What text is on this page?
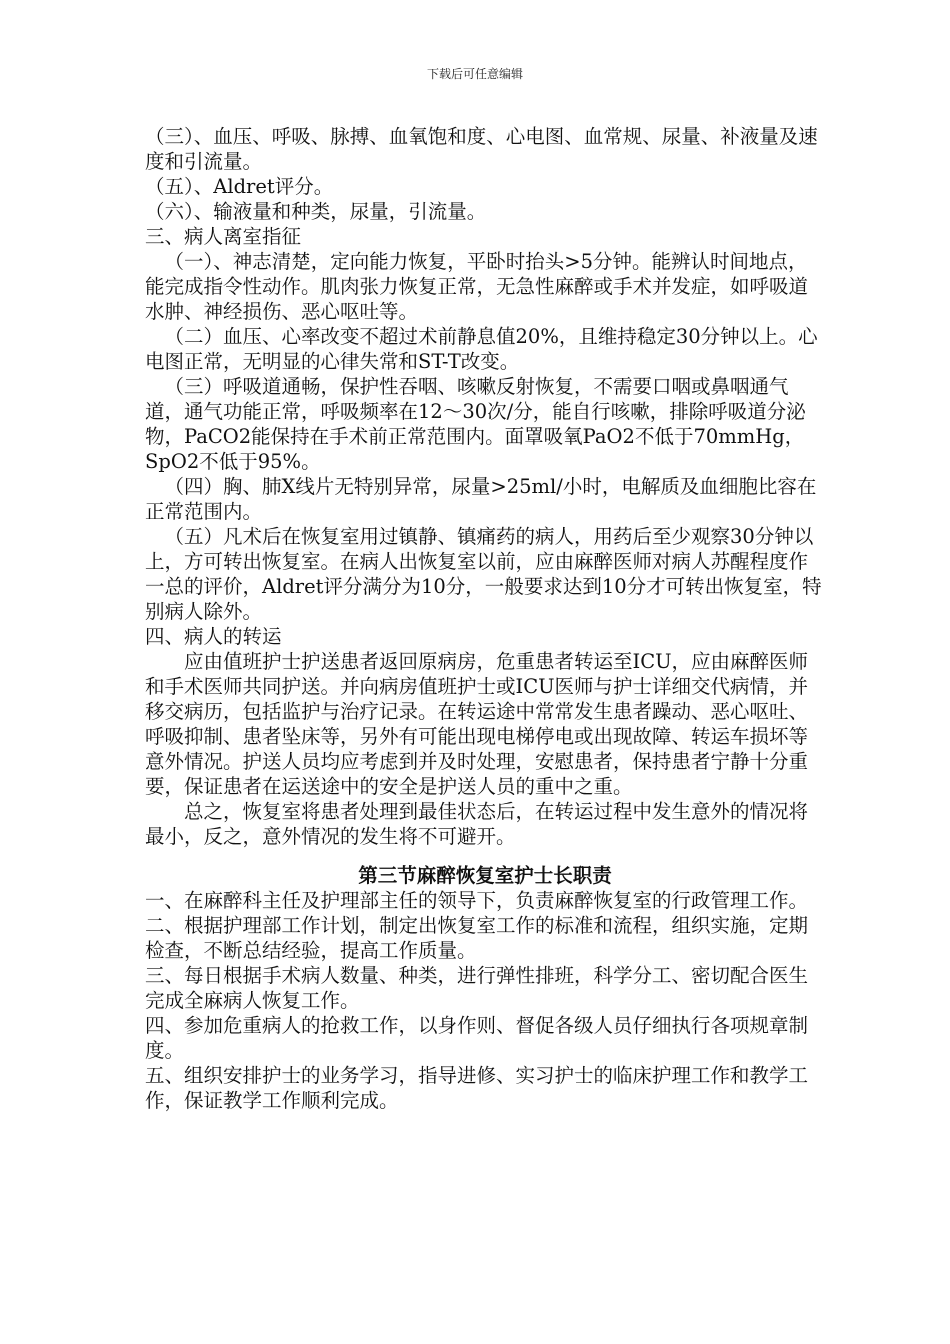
下载后可任意编辑

（三）、血压、呼吸、脉搏、血氧饱和度、心电图、血常规、尿量、补液量及速度和引流量。

（五）、Aldret评分。

（六）、输液量和种类，尿量，引流量。

三、病人离室指征

（一）、神志清楚，定向能力恢复，平卧时抬头>5分钟。能辨认时间地点，能完成指令性动作。肌肉张力恢复正常，无急性麻醉或手术并发症，如呼吸道水肿、神经损伤、恶心呕吐等。

（二）血压、心率改变不超过术前静息值20%，且维持稳定30分钟以上。心电图正常，无明显的心律失常和ST-T改变。

（三）呼吸道通畅，保护性吞咽、咳嗽反射恢复，不需要口咽或鼻咽通气道，通气功能正常，呼吸频率在12～30次/分，能自行咳嗽，排除呼吸道分泌物，PaCO2能保持在手术前正常范围内。面罩吸氧PaO2不低于70mmHg，SpO2不低于95%。

（四）胸、肺X线片无特别异常，尿量>25ml/小时，电解质及血细胞比容在正常范围内。

（五）凡术后在恢复室用过镇静、镇痛药的病人，用药后至少观察30分钟以上，方可转出恢复室。在病人出恢复室以前，应由麻醉医师对病人苏醒程度作一总的评价，Aldret评分满分为10分，一般要求达到10分才可转出恢复室，特别病人除外。

四、病人的转运

应由值班护士护送患者返回原病房，危重患者转运至ICU，应由麻醉医师和手术医师共同护送。并向病房值班护士或ICU医师与护士详细交代病情，并移交病历，包括监护与治疗记录。在转运途中常常发生患者躁动、恶心呕吐、呼吸抑制、患者坠床等，另外有可能出现电梯停电或出现故障、转运车损坏等意外情况。护送人员均应考虑到并及时处理，安慰患者，保持患者宁静十分重要，保证患者在运送途中的安全是护送人员的重中之重。

总之，恢复室将患者处理到最佳状态后，在转运过程中发生意外的情况将最小，反之，意外情况的发生将不可避开。

第三节麻醉恢复室护士长职责

一、在麻醉科主任及护理部主任的领导下，负责麻醉恢复室的行政管理工作。

二、根据护理部工作计划，制定出恢复室工作的标准和流程，组织实施，定期检查，不断总结经验，提高工作质量。

三、每日根据手术病人数量、种类，进行弹性排班，科学分工、密切配合医生完成全麻病人恢复工作。

四、参加危重病人的抢救工作，以身作则、督促各级人员仔细执行各项规章制度。

五、组织安排护士的业务学习，指导进修、实习护士的临床护理工作和教学工作，保证教学工作顺利完成。
